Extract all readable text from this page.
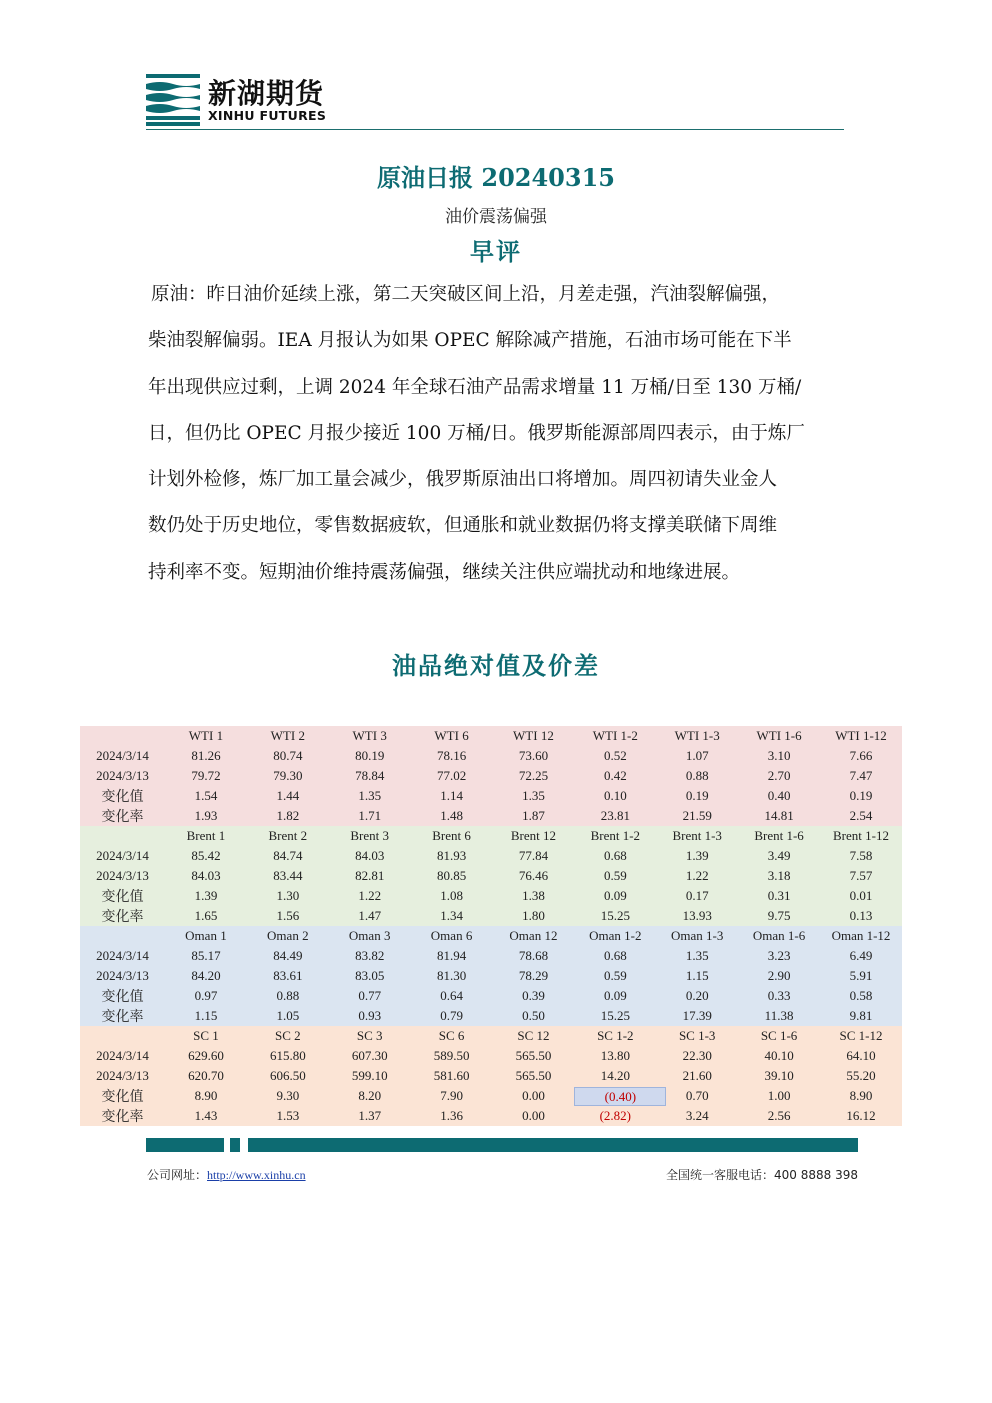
新湖期货
XINHU FUTURES
原油日报 20240315
油价震荡偏强
早评
原油：昨日油价延续上涨，第二天突破区间上沿，月差走强，汽油裂解偏强，
柴油裂解偏弱。IEA 月报认为如果 OPEC 解除减产措施，石油市场可能在下半
年出现供应过剩，上调 2024 年全球石油产品需求增量 11 万桶/日至 130 万桶/
日，但仍比 OPEC 月报少接近 100 万桶/日。俄罗斯能源部周四表示，由于炼厂
计划外检修，炼厂加工量会减少，俄罗斯原油出口将增加。周四初请失业金人
数仍处于历史地位，零售数据疲软，但通胀和就业数据仍将支撑美联储下周维
持利率不变。短期油价维持震荡偏强，继续关注供应端扰动和地缘进展。
油品绝对值及价差
	WTI 1	WTI 2	WTI 3	WTI 6	WTI 12	WTI 1-2	WTI 1-3	WTI 1-6	WTI 1-12
2024/3/14	81.26	80.74	80.19	78.16	73.60	0.52	1.07	3.10	7.66
2024/3/13	79.72	79.30	78.84	77.02	72.25	0.42	0.88	2.70	7.47
变化值	1.54	1.44	1.35	1.14	1.35	0.10	0.19	0.40	0.19
变化率	1.93	1.82	1.71	1.48	1.87	23.81	21.59	14.81	2.54
	Brent 1	Brent 2	Brent 3	Brent 6	Brent 12	Brent 1-2	Brent 1-3	Brent 1-6	Brent 1-12
2024/3/14	85.42	84.74	84.03	81.93	77.84	0.68	1.39	3.49	7.58
2024/3/13	84.03	83.44	82.81	80.85	76.46	0.59	1.22	3.18	7.57
变化值	1.39	1.30	1.22	1.08	1.38	0.09	0.17	0.31	0.01
变化率	1.65	1.56	1.47	1.34	1.80	15.25	13.93	9.75	0.13
	Oman 1	Oman 2	Oman 3	Oman 6	Oman 12	Oman 1-2	Oman 1-3	Oman 1-6	Oman 1-12
2024/3/14	85.17	84.49	83.82	81.94	78.68	0.68	1.35	3.23	6.49
2024/3/13	84.20	83.61	83.05	81.30	78.29	0.59	1.15	2.90	5.91
变化值	0.97	0.88	0.77	0.64	0.39	0.09	0.20	0.33	0.58
变化率	1.15	1.05	0.93	0.79	0.50	15.25	17.39	11.38	9.81
	SC 1	SC 2	SC 3	SC 6	SC 12	SC 1-2	SC 1-3	SC 1-6	SC 1-12
2024/3/14	629.60	615.80	607.30	589.50	565.50	13.80	22.30	40.10	64.10
2024/3/13	620.70	606.50	599.10	581.60	565.50	14.20	21.60	39.10	55.20
变化值	8.90	9.30	8.20	7.90	0.00	(0.40)	0.70	1.00	8.90
变化率	1.43	1.53	1.37	1.36	0.00	(2.82)	3.24	2.56	16.12
公司网址：http://www.xinhu.cn	全国统一客服电话：400 8888 398
